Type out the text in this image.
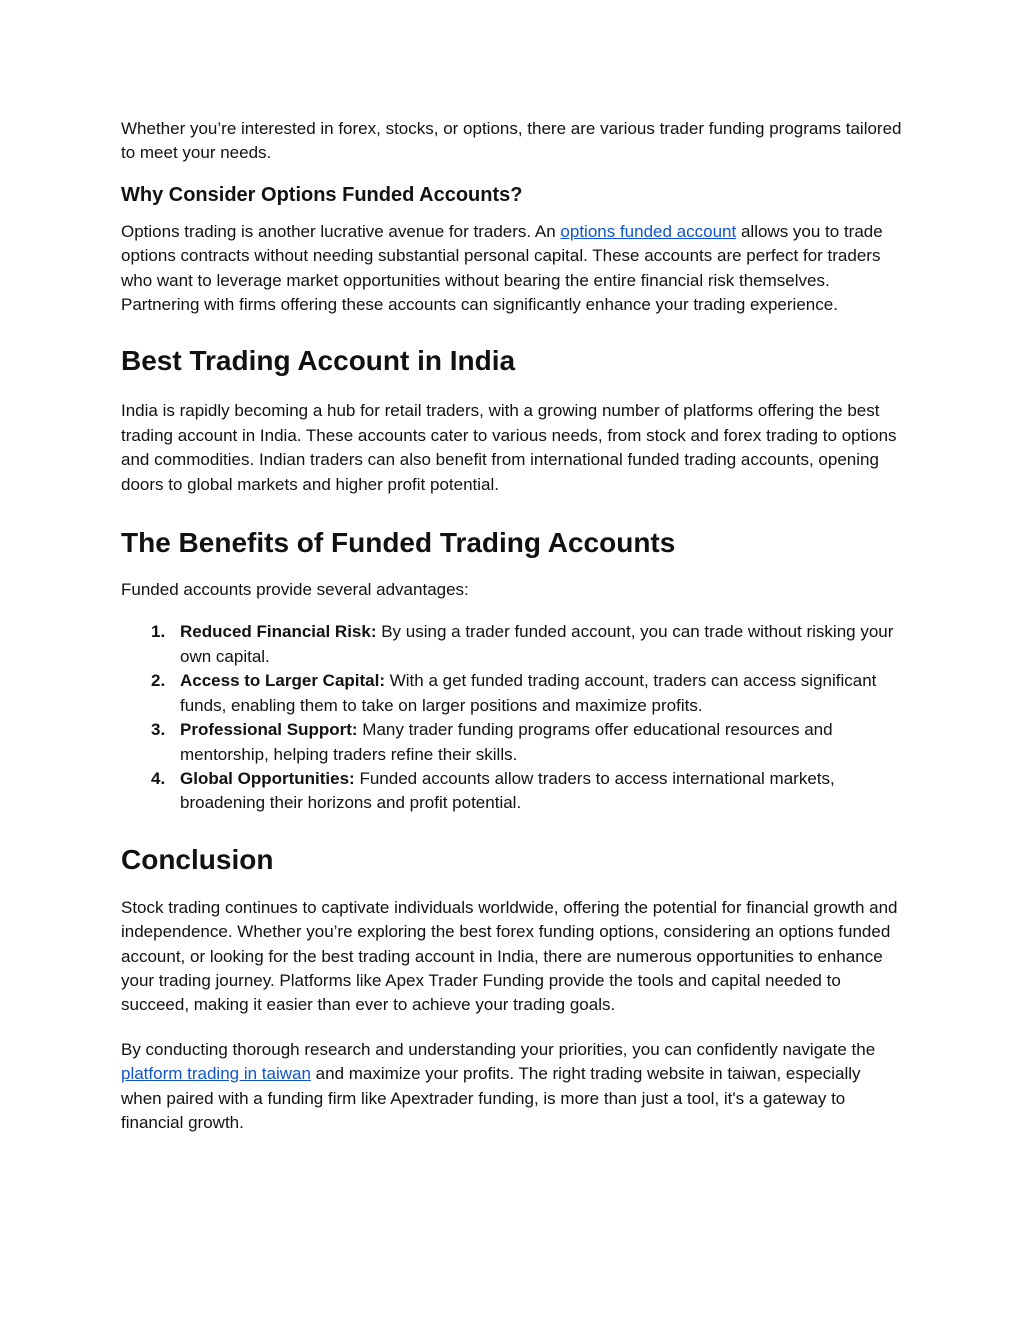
Whether you’re interested in forex, stocks, or options, there are various trader funding programs tailored to meet your needs.

Why Consider Options Funded Accounts?

Options trading is another lucrative avenue for traders. An options funded account allows you to trade options contracts without needing substantial personal capital. These accounts are perfect for traders who want to leverage market opportunities without bearing the entire financial risk themselves. Partnering with firms offering these accounts can significantly enhance your trading experience.

Best Trading Account in India

India is rapidly becoming a hub for retail traders, with a growing number of platforms offering the best trading account in India. These accounts cater to various needs, from stock and forex trading to options and commodities. Indian traders can also benefit from international funded trading accounts, opening doors to global markets and higher profit potential.

The Benefits of Funded Trading Accounts

Funded accounts provide several advantages:

1. Reduced Financial Risk: By using a trader funded account, you can trade without risking your own capital.
2. Access to Larger Capital: With a get funded trading account, traders can access significant funds, enabling them to take on larger positions and maximize profits.
3. Professional Support: Many trader funding programs offer educational resources and mentorship, helping traders refine their skills.
4. Global Opportunities: Funded accounts allow traders to access international markets, broadening their horizons and profit potential.
Conclusion

Stock trading continues to captivate individuals worldwide, offering the potential for financial growth and independence. Whether you’re exploring the best forex funding options, considering an options funded account, or looking for the best trading account in India, there are numerous opportunities to enhance your trading journey. Platforms like Apex Trader Funding provide the tools and capital needed to succeed, making it easier than ever to achieve your trading goals.

By conducting thorough research and understanding your priorities, you can confidently navigate the platform trading in taiwan and maximize your profits. The right trading website in taiwan, especially when paired with a funding firm like Apextrader funding, is more than just a tool, it's a gateway to financial growth.
